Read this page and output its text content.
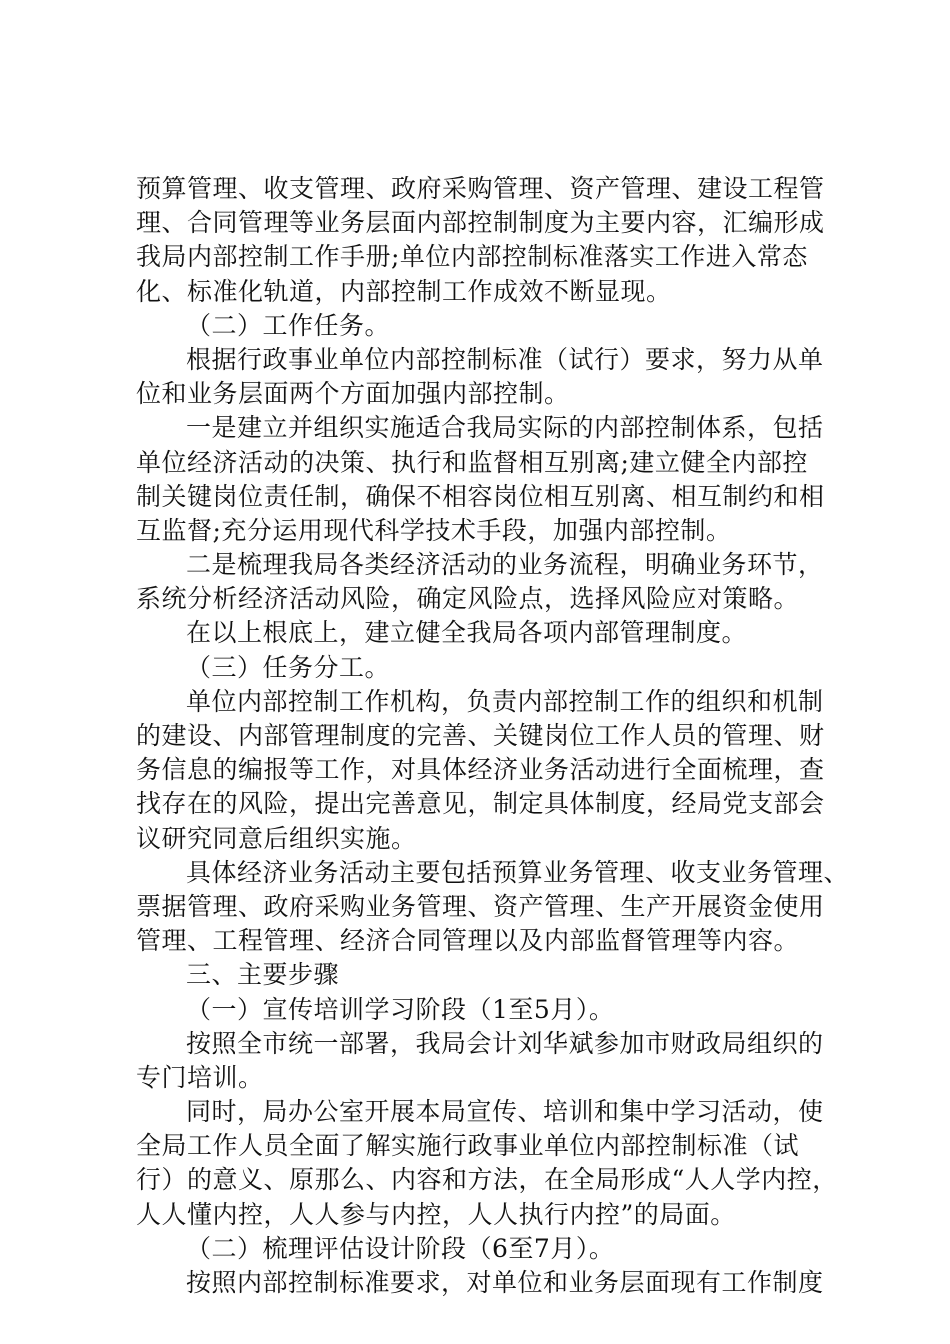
预算管理、收支管理、政府采购管理、资产管理、建设工程管
理、合同管理等业务层面内部控制制度为主要内容，汇编形成
我局内部控制工作手册;单位内部控制标准落实工作进入常态
化、标准化轨道，内部控制工作成效不断显现。
（二）工作任务。
根据行政事业单位内部控制标准（试行）要求，努力从单
位和业务层面两个方面加强内部控制。
一是建立并组织实施适合我局实际的内部控制体系，包括
单位经济活动的决策、执行和监督相互别离;建立健全内部控
制关键岗位责任制，确保不相容岗位相互别离、相互制约和相
互监督;充分运用现代科学技术手段，加强内部控制。
二是梳理我局各类经济活动的业务流程，明确业务环节，
系统分析经济活动风险，确定风险点，选择风险应对策略。
在以上根底上，建立健全我局各项内部管理制度。
（三）任务分工。
单位内部控制工作机构，负责内部控制工作的组织和机制
的建设、内部管理制度的完善、关键岗位工作人员的管理、财
务信息的编报等工作，对具体经济业务活动进行全面梳理，查
找存在的风险，提出完善意见，制定具体制度，经局党支部会
议研究同意后组织实施。
具体经济业务活动主要包括预算业务管理、收支业务管理、
票据管理、政府采购业务管理、资产管理、生产开展资金使用
管理、工程管理、经济合同管理以及内部监督管理等内容。
三、主要步骤
（一）宣传培训学习阶段（1至5月）。
按照全市统一部署，我局会计刘华斌参加市财政局组织的
专门培训。
同时，局办公室开展本局宣传、培训和集中学习活动，使
全局工作人员全面了解实施行政事业单位内部控制标准（试
行）的意义、原那么、内容和方法，在全局形成“人人学内控，
人人懂内控，人人参与内控，人人执行内控”的局面。
（二）梳理评估设计阶段（6至7月）。
按照内部控制标准要求，对单位和业务层面现有工作制度
